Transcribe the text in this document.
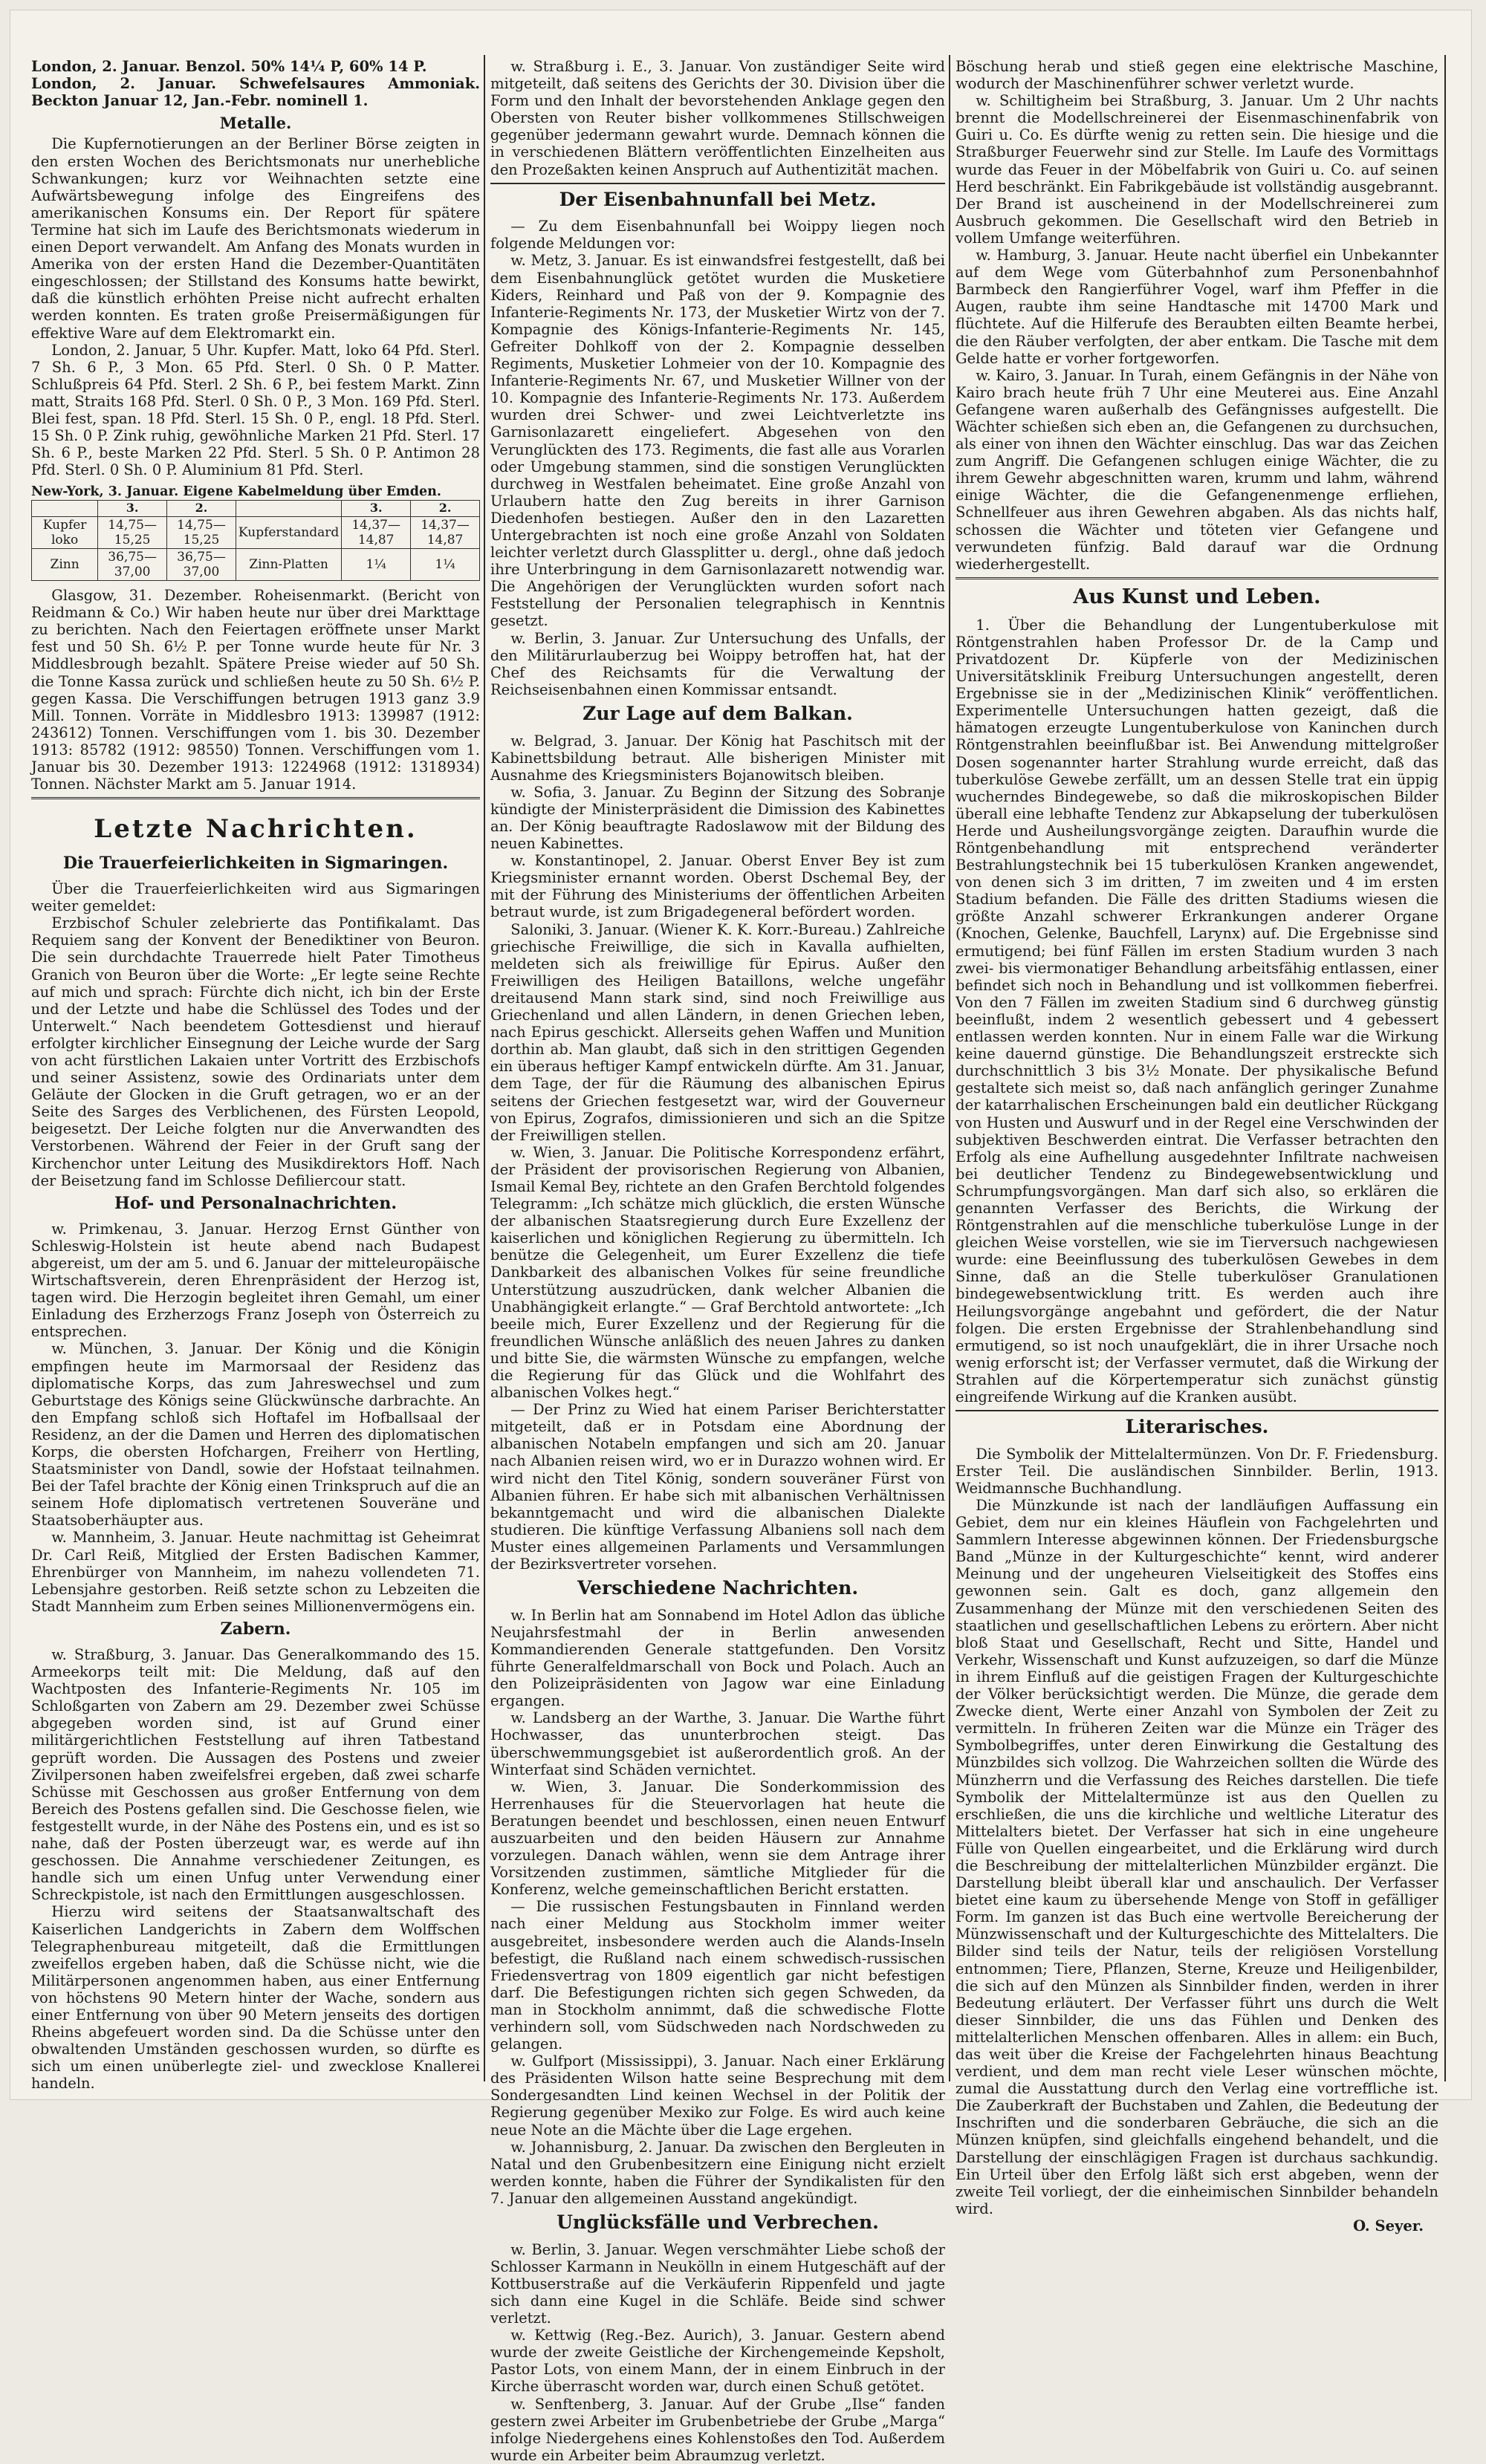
London, 2. Januar. Benzol. 50% 14¼ P, 60% 14 P.

London, 2. Januar. Schwefelsaures Ammoniak. Beckton Januar 12, Jan.-Febr. nominell 1.

Metalle.

Die Kupfernotierungen an der Berliner Börse zeigten in den ersten Wochen des Berichtsmonats nur unerhebliche Schwankungen; kurz vor Weihnachten setzte eine Aufwärtsbewegung infolge des Eingreifens des amerikanischen Konsums ein. Der Report für spätere Termine hat sich im Laufe des Berichtsmonats wiederum in einen Deport verwandelt. Am Anfang des Monats wurden in Amerika von der ersten Hand die Dezember-Quantitäten eingeschlossen; der Stillstand des Konsums hatte bewirkt, daß die künstlich erhöhten Preise nicht aufrecht erhalten werden konnten. Es traten große Preisermäßigungen für effektive Ware auf dem Elektromarkt ein.

London, 2. Januar, 5 Uhr. Kupfer. Matt, loko 64 Pfd. Sterl. 7 Sh. 6 P., 3 Mon. 65 Pfd. Sterl. 0 Sh. 0 P. Matter. Schlußpreis 64 Pfd. Sterl. 2 Sh. 6 P., bei festem Markt. Zinn matt, Straits 168 Pfd. Sterl. 0 Sh. 0 P., 3 Mon. 169 Pfd. Sterl. Blei fest, span. 18 Pfd. Sterl. 15 Sh. 0 P., engl. 18 Pfd. Sterl. 15 Sh. 0 P. Zink ruhig, gewöhnliche Marken 21 Pfd. Sterl. 17 Sh. 6 P., beste Marken 22 Pfd. Sterl. 5 Sh. 0 P. Antimon 28 Pfd. Sterl. 0 Sh. 0 P. Aluminium 81 Pfd. Sterl.

New-York, 3. Januar. Eigene Kabelmeldung über Emden.

	3.	2.		3.	2.
Kupfer loko	14,75—15,25	14,75—15,25	Kupferstandard	14,37—14,87	14,37—14,87
Zinn	36,75—37,00	36,75—37,00	Zinn-Platten	1¼	1¼

Glasgow, 31. Dezember. Roheisenmarkt. (Bericht von Reidmann & Co.) Wir haben heute nur über drei Markttage zu berichten. Nach den Feiertagen eröffnete unser Markt fest und 50 Sh. 6½ P. per Tonne wurde heute für Nr. 3 Middlesbrough bezahlt. Spätere Preise wieder auf 50 Sh. die Tonne Kassa zurück und schließen heute zu 50 Sh. 6½ P. gegen Kassa. Die Verschiffungen betrugen 1913 ganz 3.9 Mill. Tonnen. Vorräte in Middlesbro 1913: 139987 (1912: 243612) Tonnen. Verschiffungen vom 1. bis 30. Dezember 1913: 85782 (1912: 98550) Tonnen. Verschiffungen vom 1. Januar bis 30. Dezember 1913: 1224968 (1912: 1318934) Tonnen. Nächster Markt am 5. Januar 1914.

Letzte Nachrichten.
Die Trauerfeierlichkeiten in Sigmaringen.

Über die Trauerfeierlichkeiten wird aus Sigmaringen weiter gemeldet:

Erzbischof Schuler zelebrierte das Pontifikalamt. Das Requiem sang der Konvent der Benediktiner von Beuron. Die sein durchdachte Trauerrede hielt Pater Timotheus Granich von Beuron über die Worte: „Er legte seine Rechte auf mich und sprach: Fürchte dich nicht, ich bin der Erste und der Letzte und habe die Schlüssel des Todes und der Unterwelt.“ Nach beendetem Gottesdienst und hierauf erfolgter kirchlicher Einsegnung der Leiche wurde der Sarg von acht fürstlichen Lakaien unter Vortritt des Erzbischofs und seiner Assistenz, sowie des Ordinariats unter dem Geläute der Glocken in die Gruft getragen, wo er an der Seite des Sarges des Verblichenen, des Fürsten Leopold, beigesetzt. Der Leiche folgten nur die Anverwandten des Verstorbenen. Während der Feier in der Gruft sang der Kirchenchor unter Leitung des Musikdirektors Hoff. Nach der Beisetzung fand im Schlosse Defiliercour statt.

Hof- und Personalnachrichten.

w. Primkenau, 3. Januar. Herzog Ernst Günther von Schleswig-Holstein ist heute abend nach Budapest abgereist, um der am 5. und 6. Januar der mitteleuropäische Wirtschaftsverein, deren Ehrenpräsident der Herzog ist, tagen wird. Die Herzogin begleitet ihren Gemahl, um einer Einladung des Erzherzogs Franz Joseph von Österreich zu entsprechen.

w. München, 3. Januar. Der König und die Königin empfingen heute im Marmorsaal der Residenz das diplomatische Korps, das zum Jahreswechsel und zum Geburtstage des Königs seine Glückwünsche darbrachte. An den Empfang schloß sich Hoftafel im Hofballsaal der Residenz, an der die Damen und Herren des diplomatischen Korps, die obersten Hofchargen, Freiherr von Hertling, Staatsminister von Dandl, sowie der Hofstaat teilnahmen. Bei der Tafel brachte der König einen Trinkspruch auf die an seinem Hofe diplomatisch vertretenen Souveräne und Staatsoberhäupter aus.

w. Mannheim, 3. Januar. Heute nachmittag ist Geheimrat Dr. Carl Reiß, Mitglied der Ersten Badischen Kammer, Ehrenbürger von Mannheim, im nahezu vollendeten 71. Lebensjahre gestorben. Reiß setzte schon zu Lebzeiten die Stadt Mannheim zum Erben seines Millionenvermögens ein.

Zabern.

w. Straßburg, 3. Januar. Das Generalkommando des 15. Armeekorps teilt mit: Die Meldung, daß auf den Wachtposten des Infanterie-Regiments Nr. 105 im Schloßgarten von Zabern am 29. Dezember zwei Schüsse abgegeben worden sind, ist auf Grund einer militärgerichtlichen Feststellung auf ihren Tatbestand geprüft worden. Die Aussagen des Postens und zweier Zivilpersonen haben zweifelsfrei ergeben, daß zwei scharfe Schüsse mit Geschossen aus großer Entfernung von dem Bereich des Postens gefallen sind. Die Geschosse fielen, wie festgestellt wurde, in der Nähe des Postens ein, und es ist so nahe, daß der Posten überzeugt war, es werde auf ihn geschossen. Die Annahme verschiedener Zeitungen, es handle sich um einen Unfug unter Verwendung einer Schreckpistole, ist nach den Ermittlungen ausgeschlossen.

Hierzu wird seitens der Staatsanwaltschaft des Kaiserlichen Landgerichts in Zabern dem Wolffschen Telegraphenbureau mitgeteilt, daß die Ermittlungen zweifellos ergeben haben, daß die Schüsse nicht, wie die Militärpersonen angenommen haben, aus einer Entfernung von höchstens 90 Metern hinter der Wache, sondern aus einer Entfernung von über 90 Metern jenseits des dortigen Rheins abgefeuert worden sind. Da die Schüsse unter den obwaltenden Umständen geschossen wurden, so dürfte es sich um einen unüberlegte ziel- und zwecklose Knallerei handeln.

w. Straßburg i. E., 3. Januar. Von zuständiger Seite wird mitgeteilt, daß seitens des Gerichts der 30. Division über die Form und den Inhalt der bevorstehenden Anklage gegen den Obersten von Reuter bisher vollkommenes Stillschweigen gegenüber jedermann gewahrt wurde. Demnach können die in verschiedenen Blättern veröffentlichten Einzelheiten aus den Prozeßakten keinen Anspruch auf Authentizität machen.

Der Eisenbahnunfall bei Metz.

— Zu dem Eisenbahnunfall bei Woippy liegen noch folgende Meldungen vor:

w. Metz, 3. Januar. Es ist einwandsfrei festgestellt, daß bei dem Eisenbahnunglück getötet wurden die Musketiere Kiders, Reinhard und Paß von der 9. Kompagnie des Infanterie-Regiments Nr. 173, der Musketier Wirtz von der 7. Kompagnie des Königs-Infanterie-Regiments Nr. 145, Gefreiter Dohlkoff von der 2. Kompagnie desselben Regiments, Musketier Lohmeier von der 10. Kompagnie des Infanterie-Regiments Nr. 67, und Musketier Willner von der 10. Kompagnie des Infanterie-Regiments Nr. 173. Außerdem wurden drei Schwer- und zwei Leichtverletzte ins Garnisonlazarett eingeliefert. Abgesehen von den Verunglückten des 173. Regiments, die fast alle aus Vorarlen oder Umgebung stammen, sind die sonstigen Verunglückten durchweg in Westfalen beheimatet. Eine große Anzahl von Urlaubern hatte den Zug bereits in ihrer Garnison Diedenhofen bestiegen. Außer den in den Lazaretten Untergebrachten ist noch eine große Anzahl von Soldaten leichter verletzt durch Glassplitter u. dergl., ohne daß jedoch ihre Unterbringung in dem Garnisonlazarett notwendig war. Die Angehörigen der Verunglückten wurden sofort nach Feststellung der Personalien telegraphisch in Kenntnis gesetzt.

w. Berlin, 3. Januar. Zur Untersuchung des Unfalls, der den Militärurlauberzug bei Woippy betroffen hat, hat der Chef des Reichsamts für die Verwaltung der Reichseisenbahnen einen Kommissar entsandt.

Zur Lage auf dem Balkan.

w. Belgrad, 3. Januar. Der König hat Paschitsch mit der Kabinettsbildung betraut. Alle bisherigen Minister mit Ausnahme des Kriegsministers Bojanowitsch bleiben.

w. Sofia, 3. Januar. Zu Beginn der Sitzung des Sobranje kündigte der Ministerpräsident die Dimission des Kabinettes an. Der König beauftragte Radoslawow mit der Bildung des neuen Kabinettes.

w. Konstantinopel, 2. Januar. Oberst Enver Bey ist zum Kriegsminister ernannt worden. Oberst Dschemal Bey, der mit der Führung des Ministeriums der öffentlichen Arbeiten betraut wurde, ist zum Brigadegeneral befördert worden.

Saloniki, 3. Januar. (Wiener K. K. Korr.-Bureau.) Zahlreiche griechische Freiwillige, die sich in Kavalla aufhielten, meldeten sich als freiwillige für Epirus. Außer den Freiwilligen des Heiligen Bataillons, welche ungefähr dreitausend Mann stark sind, sind noch Freiwillige aus Griechenland und allen Ländern, in denen Griechen leben, nach Epirus geschickt. Allerseits gehen Waffen und Munition dorthin ab. Man glaubt, daß sich in den strittigen Gegenden ein überaus heftiger Kampf entwickeln dürfte. Am 31. Januar, dem Tage, der für die Räumung des albanischen Epirus seitens der Griechen festgesetzt war, wird der Gouverneur von Epirus, Zografos, dimissionieren und sich an die Spitze der Freiwilligen stellen.

w. Wien, 3. Januar. Die Politische Korrespondenz erfährt, der Präsident der provisorischen Regierung von Albanien, Ismail Kemal Bey, richtete an den Grafen Berchtold folgendes Telegramm: „Ich schätze mich glücklich, die ersten Wünsche der albanischen Staatsregierung durch Eure Exzellenz der kaiserlichen und königlichen Regierung zu übermitteln. Ich benütze die Gelegenheit, um Eurer Exzellenz die tiefe Dankbarkeit des albanischen Volkes für seine freundliche Unterstützung auszudrücken, dank welcher Albanien die Unabhängigkeit erlangte.“ — Graf Berchtold antwortete: „Ich beeile mich, Eurer Exzellenz und der Regierung für die freundlichen Wünsche anläßlich des neuen Jahres zu danken und bitte Sie, die wärmsten Wünsche zu empfangen, welche die Regierung für das Glück und die Wohlfahrt des albanischen Volkes hegt.“

— Der Prinz zu Wied hat einem Pariser Berichterstatter mitgeteilt, daß er in Potsdam eine Abordnung der albanischen Notabeln empfangen und sich am 20. Januar nach Albanien reisen wird, wo er in Durazzo wohnen wird. Er wird nicht den Titel König, sondern souveräner Fürst von Albanien führen. Er habe sich mit albanischen Verhältnissen bekanntgemacht und wird die albanischen Dialekte studieren. Die künftige Verfassung Albaniens soll nach dem Muster eines allgemeinen Parlaments und Versammlungen der Bezirksvertreter vorsehen.

Verschiedene Nachrichten.

w. In Berlin hat am Sonnabend im Hotel Adlon das übliche Neujahrsfestmahl der in Berlin anwesenden Kommandierenden Generale stattgefunden. Den Vorsitz führte Generalfeldmarschall von Bock und Polach. Auch an den Polizeipräsidenten von Jagow war eine Einladung ergangen.

w. Landsberg an der Warthe, 3. Januar. Die Warthe führt Hochwasser, das ununterbrochen steigt. Das überschwemmungsgebiet ist außerordentlich groß. An der Winterfaat sind Schäden vernichtet.

w. Wien, 3. Januar. Die Sonderkommission des Herrenhauses für die Steuervorlagen hat heute die Beratungen beendet und beschlossen, einen neuen Entwurf auszuarbeiten und den beiden Häusern zur Annahme vorzulegen. Danach wählen, wenn sie dem Antrage ihrer Vorsitzenden zustimmen, sämtliche Mitglieder für die Konferenz, welche gemeinschaftlichen Bericht erstatten.

— Die russischen Festungsbauten in Finnland werden nach einer Meldung aus Stockholm immer weiter ausgebreitet, insbesondere werden auch die Alands-Inseln befestigt, die Rußland nach einem schwedisch-russischen Friedensvertrag von 1809 eigentlich gar nicht befestigen darf. Die Befestigungen richten sich gegen Schweden, da man in Stockholm annimmt, daß die schwedische Flotte verhindern soll, vom Südschweden nach Nordschweden zu gelangen.

w. Gulfport (Mississippi), 3. Januar. Nach einer Erklärung des Präsidenten Wilson hatte seine Besprechung mit dem Sondergesandten Lind keinen Wechsel in der Politik der Regierung gegenüber Mexiko zur Folge. Es wird auch keine neue Note an die Mächte über die Lage ergehen.

w. Johannisburg, 2. Januar. Da zwischen den Bergleuten in Natal und den Grubenbesitzern eine Einigung nicht erzielt werden konnte, haben die Führer der Syndikalisten für den 7. Januar den allgemeinen Ausstand angekündigt.

Unglücksfälle und Verbrechen.

w. Berlin, 3. Januar. Wegen verschmähter Liebe schoß der Schlosser Karmann in Neukölln in einem Hutgeschäft auf der Kottbuserstraße auf die Verkäuferin Rippenfeld und jagte sich dann eine Kugel in die Schläfe. Beide sind schwer verletzt.

w. Kettwig (Reg.-Bez. Aurich), 3. Januar. Gestern abend wurde der zweite Geistliche der Kirchengemeinde Kepsholt, Pastor Lots, von einem Mann, der in einem Einbruch in der Kirche überrascht worden war, durch einen Schuß getötet.

w. Senftenberg, 3. Januar. Auf der Grube „Ilse“ fanden gestern zwei Arbeiter im Grubenbetriebe der Grube „Marga“ infolge Niedergehens eines Kohlenstoßes den Tod. Außerdem wurde ein Arbeiter beim Abraumzug verletzt.

Böschung herab und stieß gegen eine elektrische Maschine, wodurch der Maschinenführer schwer verletzt wurde.

w. Schiltigheim bei Straßburg, 3. Januar. Um 2 Uhr nachts brennt die Modellschreinerei der Eisenmaschinenfabrik von Guiri u. Co. Es dürfte wenig zu retten sein. Die hiesige und die Straßburger Feuerwehr sind zur Stelle. Im Laufe des Vormittags wurde das Feuer in der Möbelfabrik von Guiri u. Co. auf seinen Herd beschränkt. Ein Fabrikgebäude ist vollständig ausgebrannt. Der Brand ist auscheinend in der Modellschreinerei zum Ausbruch gekommen. Die Gesellschaft wird den Betrieb in vollem Umfange weiterführen.

w. Hamburg, 3. Januar. Heute nacht überfiel ein Unbekannter auf dem Wege vom Güterbahnhof zum Personenbahnhof Barmbeck den Rangierführer Vogel, warf ihm Pfeffer in die Augen, raubte ihm seine Handtasche mit 14700 Mark und flüchtete. Auf die Hilferufe des Beraubten eilten Beamte herbei, die den Räuber verfolgten, der aber entkam. Die Tasche mit dem Gelde hatte er vorher fortgeworfen.

w. Kairo, 3. Januar. In Turah, einem Gefängnis in der Nähe von Kairo brach heute früh 7 Uhr eine Meuterei aus. Eine Anzahl Gefangene waren außerhalb des Gefängnisses aufgestellt. Die Wächter schießen sich eben an, die Gefangenen zu durchsuchen, als einer von ihnen den Wächter einschlug. Das war das Zeichen zum Angriff. Die Gefangenen schlugen einige Wächter, die zu ihrem Gewehr abgeschnitten waren, krumm und lahm, während einige Wächter, die die Gefangenenmenge erfliehen, Schnellfeuer aus ihren Gewehren abgaben. Als das nichts half, schossen die Wächter und töteten vier Gefangene und verwundeten fünfzig. Bald darauf war die Ordnung wiederhergestellt.

Aus Kunst und Leben.

1. Über die Behandlung der Lungentuberkulose mit Röntgenstrahlen haben Professor Dr. de la Camp und Privatdozent Dr. Küpferle von der Medizinischen Universitätsklinik Freiburg Untersuchungen angestellt, deren Ergebnisse sie in der „Medizinischen Klinik“ veröffentlichen. Experimentelle Untersuchungen hatten gezeigt, daß die hämatogen erzeugte Lungentuberkulose von Kaninchen durch Röntgenstrahlen beeinflußbar ist. Bei Anwendung mittelgroßer Dosen sogenannter harter Strahlung wurde erreicht, daß das tuberkulöse Gewebe zerfällt, um an dessen Stelle trat ein üppig wucherndes Bindegewebe, so daß die mikroskopischen Bilder überall eine lebhafte Tendenz zur Abkapselung der tuberkulösen Herde und Ausheilungsvorgänge zeigten. Daraufhin wurde die Röntgenbehandlung mit entsprechend veränderter Bestrahlungstechnik bei 15 tuberkulösen Kranken angewendet, von denen sich 3 im dritten, 7 im zweiten und 4 im ersten Stadium befanden. Die Fälle des dritten Stadiums wiesen die größte Anzahl schwerer Erkrankungen anderer Organe (Knochen, Gelenke, Bauchfell, Larynx) auf. Die Ergebnisse sind ermutigend; bei fünf Fällen im ersten Stadium wurden 3 nach zwei- bis viermonatiger Behandlung arbeitsfähig entlassen, einer befindet sich noch in Behandlung und ist vollkommen fieberfrei. Von den 7 Fällen im zweiten Stadium sind 6 durchweg günstig beeinflußt, indem 2 wesentlich gebessert und 4 gebessert entlassen werden konnten. Nur in einem Falle war die Wirkung keine dauernd günstige. Die Behandlungszeit erstreckte sich durchschnittlich 3 bis 3½ Monate. Der physikalische Befund gestaltete sich meist so, daß nach anfänglich geringer Zunahme der katarrhalischen Erscheinungen bald ein deutlicher Rückgang von Husten und Auswurf und in der Regel eine Verschwinden der subjektiven Beschwerden eintrat. Die Verfasser betrachten den Erfolg als eine Aufhellung ausgedehnter Infiltrate nachweisen bei deutlicher Tendenz zu Bindegewebsentwicklung und Schrumpfungsvorgängen. Man darf sich also, so erklären die genannten Verfasser des Berichts, die Wirkung der Röntgenstrahlen auf die menschliche tuberkulöse Lunge in der gleichen Weise vorstellen, wie sie im Tierversuch nachgewiesen wurde: eine Beeinflussung des tuberkulösen Gewebes in dem Sinne, daß an die Stelle tuberkulöser Granulationen bindegewebsentwicklung tritt. Es werden auch ihre Heilungsvorgänge angebahnt und gefördert, die der Natur folgen. Die ersten Ergebnisse der Strahlenbehandlung sind ermutigend, so ist noch unaufgeklärt, die in ihrer Ursache noch wenig erforscht ist; der Verfasser vermutet, daß die Wirkung der Strahlen auf die Körpertemperatur sich zunächst günstig eingreifende Wirkung auf die Kranken ausübt.

Literarisches.

Die Symbolik der Mittelaltermünzen. Von Dr. F. Friedensburg. Erster Teil. Die ausländischen Sinnbilder. Berlin, 1913. Weidmannsche Buchhandlung.

Die Münzkunde ist nach der landläufigen Auffassung ein Gebiet, dem nur ein kleines Häuflein von Fachgelehrten und Sammlern Interesse abgewinnen können. Der Friedensburgsche Band „Münze in der Kulturgeschichte“ kennt, wird anderer Meinung und der ungeheuren Vielseitigkeit des Stoffes eins gewonnen sein. Galt es doch, ganz allgemein den Zusammenhang der Münze mit den verschiedenen Seiten des staatlichen und gesellschaftlichen Lebens zu erörtern. Aber nicht bloß Staat und Gesellschaft, Recht und Sitte, Handel und Verkehr, Wissenschaft und Kunst aufzuzeigen, so darf die Münze in ihrem Einfluß auf die geistigen Fragen der Kulturgeschichte der Völker berücksichtigt werden. Die Münze, die gerade dem Zwecke dient, Werte einer Anzahl von Symbolen der Zeit zu vermitteln. In früheren Zeiten war die Münze ein Träger des Symbolbegriffes, unter deren Einwirkung die Gestaltung des Münzbildes sich vollzog. Die Wahrzeichen sollten die Würde des Münzherrn und die Verfassung des Reiches darstellen. Die tiefe Symbolik der Mittelaltermünze ist aus den Quellen zu erschließen, die uns die kirchliche und weltliche Literatur des Mittelalters bietet. Der Verfasser hat sich in eine ungeheure Fülle von Quellen eingearbeitet, und die Erklärung wird durch die Beschreibung der mittelalterlichen Münzbilder ergänzt. Die Darstellung bleibt überall klar und anschaulich. Der Verfasser bietet eine kaum zu übersehende Menge von Stoff in gefälliger Form. Im ganzen ist das Buch eine wertvolle Bereicherung der Münzwissenschaft und der Kulturgeschichte des Mittelalters. Die Bilder sind teils der Natur, teils der religiösen Vorstellung entnommen; Tiere, Pflanzen, Sterne, Kreuze und Heiligenbilder, die sich auf den Münzen als Sinnbilder finden, werden in ihrer Bedeutung erläutert. Der Verfasser führt uns durch die Welt dieser Sinnbilder, die uns das Fühlen und Denken des mittelalterlichen Menschen offenbaren. Alles in allem: ein Buch, das weit über die Kreise der Fachgelehrten hinaus Beachtung verdient, und dem man recht viele Leser wünschen möchte, zumal die Ausstattung durch den Verlag eine vortreffliche ist. Die Zauberkraft der Buchstaben und Zahlen, die Bedeutung der Inschriften und die sonderbaren Gebräuche, die sich an die Münzen knüpfen, sind gleichfalls eingehend behandelt, und die Darstellung der einschlägigen Fragen ist durchaus sachkundig. Ein Urteil über den Erfolg läßt sich erst abgeben, wenn der zweite Teil vorliegt, der die einheimischen Sinnbilder behandeln wird.

O. Seyer.
